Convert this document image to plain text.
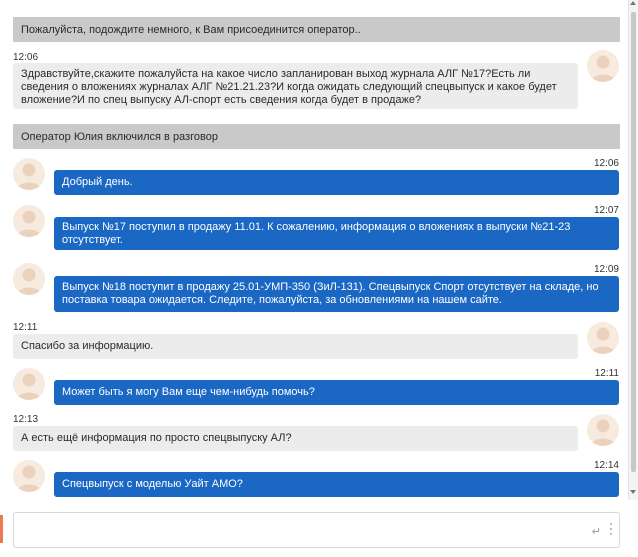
Пожалуйста, подождите немного, к Вам присоединится оператор..
12:06
Здравствуйте,скажите пожалуйста на какое число запланирован выход журнала АЛГ №17?Есть ли сведения о вложениях журналах АЛГ №21.21.23?И когда ожидать следующий спецвыпуск и какое будет вложение?И по спец выпуску АЛ-спорт есть сведения когда будет в продаже?
Оператор Юлия включился в разговор
12:06
Добрый день.
12:07
Выпуск №17 поступил в продажу 11.01. К сожалению, информация о вложениях в выпуски №21-23 отсутствует.
12:09
Выпуск №18 поступит в продажу 25.01-УМП-350 (ЗиЛ-131). Спецвыпуск Спорт отсутствует на складе, но поставка товара ожидается. Следите, пожалуйста, за обновлениями на нашем сайте.
12:11
Спасибо за информацию.
12:11
Может быть я могу Вам еще чем-нибудь помочь?
12:13
А есть ещё информация по просто спецвыпуску АЛ?
12:14
Спецвыпуск с моделью Уайт АМО?
↵
